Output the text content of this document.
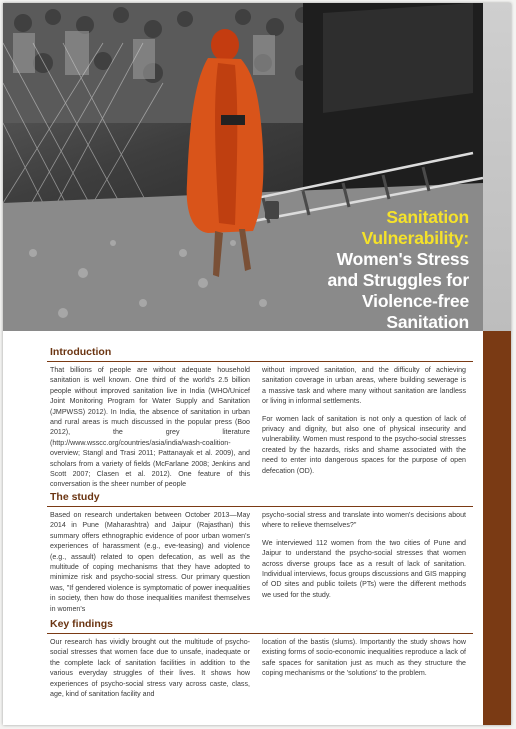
Sanitation
Vulnerability:
Women's Stress
and Struggles for
Violence-free
Sanitation
Introduction

That billions of people are without adequate household sanitation is well known. One third of the world's 2.5 billion people without improved sanitation live in India (WHO/Unicef Joint Monitoring Program for Water Supply and Sanitation (JMPWSS) 2012). In India, the absence of sanitation in urban and rural areas is much discussed in the popular press (Boo 2012), the grey literature (http://www.wsscc.org/countries/asia/india/wash-coalition-overview; Stangl and Trasi 2011; Pattanayak et al. 2009), and scholars from a variety of fields (McFarlane 2008; Jenkins and Scott 2007; Clasen et al. 2012). One feature of this conversation is the sheer number of people

without improved sanitation, and the difficulty of achieving sanitation coverage in urban areas, where building sewerage is a massive task and where many without sanitation are landless or living in informal settlements.

For women lack of sanitation is not only a question of lack of privacy and dignity, but also one of physical insecurity and vulnerability. Women must respond to the psycho-social stresses created by the hazards, risks and shame associated with the need to enter into dangerous spaces for the purpose of open defecation (OD).

The study

Based on research undertaken between October 2013—May 2014 in Pune (Maharashtra) and Jaipur (Rajasthan) this summary offers ethnographic evidence of poor urban women's experiences of harassment (e.g., eve-teasing) and violence (e.g., assault) related to open defecation, as well as the multitude of coping mechanisms that they have adopted to minimize risk and psycho-social stress. Our primary question was, "If gendered violence is symptomatic of power inequalities in society, then how do those inequalities manifest themselves in women's

psycho-social stress and translate into women's decisions about where to relieve themselves?"

We interviewed 112 women from the two cities of Pune and Jaipur to understand the psycho-social stresses that women across diverse groups face as a result of lack of sanitation. Individual interviews, focus groups discussions and GIS mapping of OD sites and public toilets (PTs) were the different methods we used for the study.

Key findings

Our research has vividly brought out the multitude of psycho-social stresses that women face due to unsafe, inadequate or the complete lack of sanitation facilities in addition to the various everyday struggles of their lives. It shows how experiences of psycho-social stress vary across caste, class, age, kind of sanitation facility and

location of the bastis (slums). Importantly the study shows how existing forms of socio-economic inequalities reproduce a lack of safe spaces for sanitation just as much as they structure the coping mechanisms or the 'solutions' to the problem.
